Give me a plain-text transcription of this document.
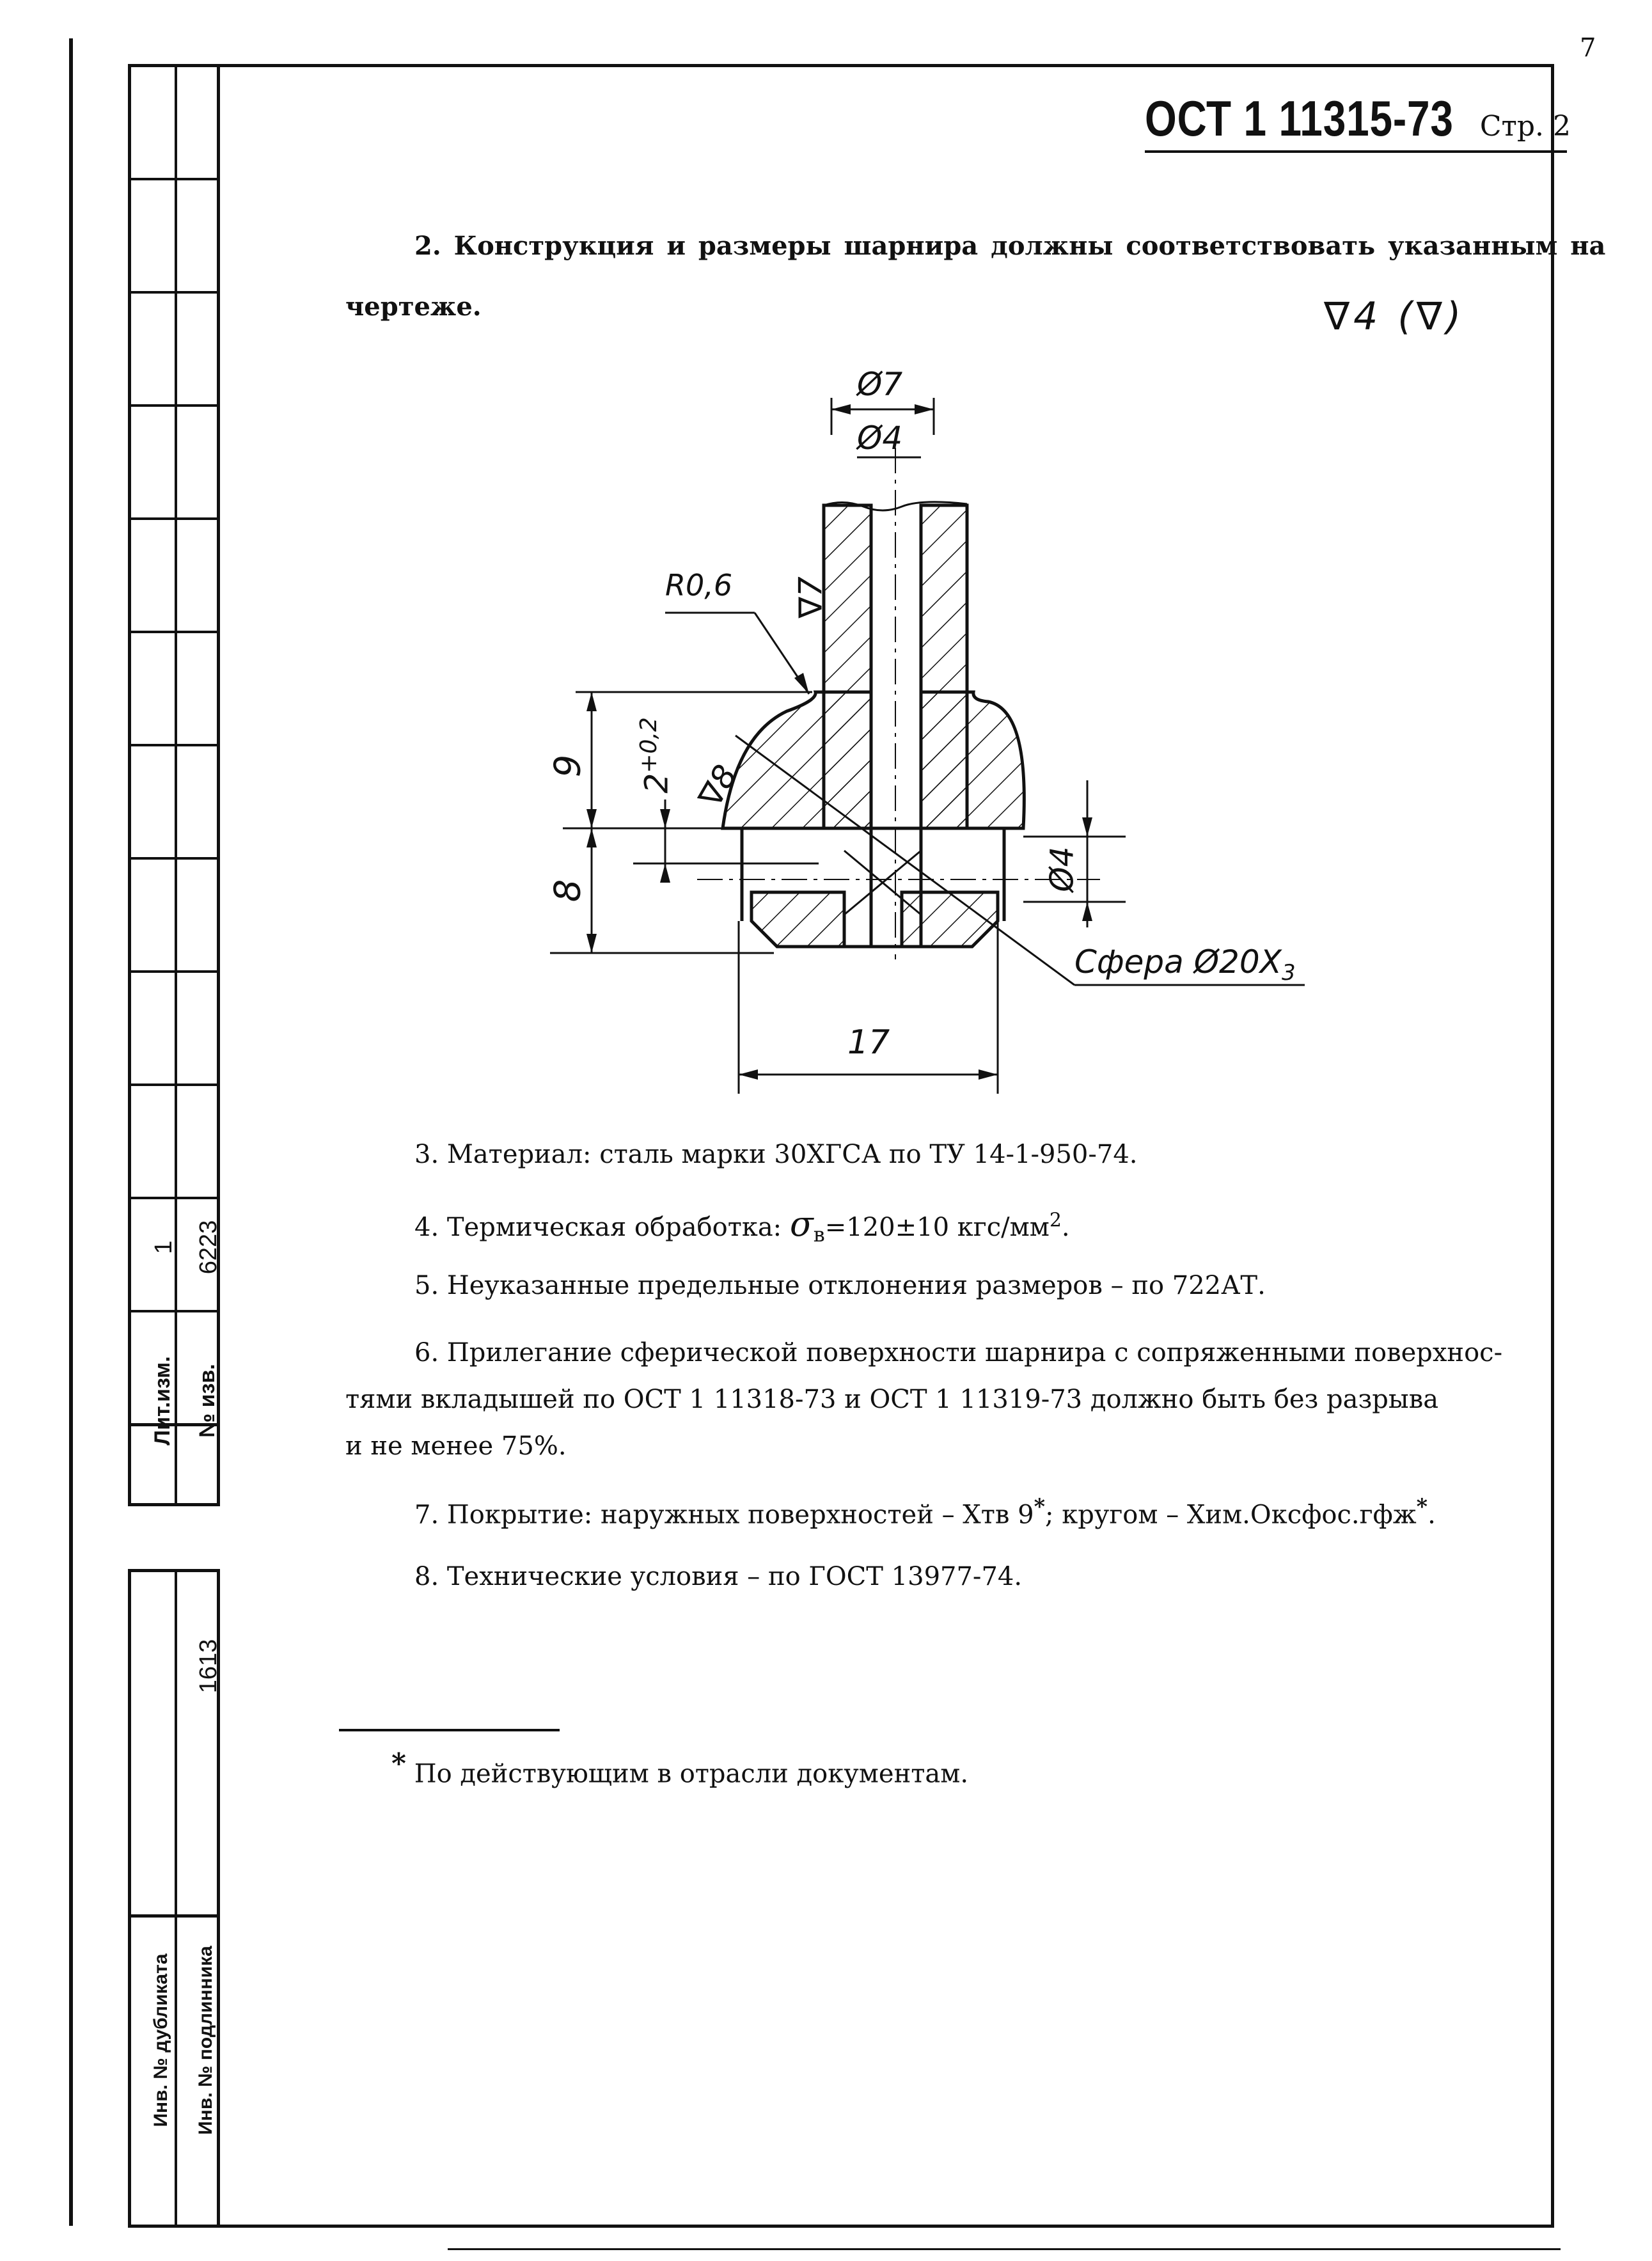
Лит.изм. № изв.
1 6223
1613
Инв. № дубликата	Инв. № подлинника
7
ОСТ 1 11315-73 Стр. 2
2. Конструкция и размеры шарнира должны соответствовать указанным на
чертеже.	∇4 (∇)
Ø7
Ø4
R0,6 ∇7
∇8
9
$2^{+0,2}$
8	Ø4
Сфера $Ø20Х_3$
17
3. Материал: сталь марки 30ХГСА по ТУ 14-1-950-74.
4. Термическая обработка: $\sigma_в=120\pm 10$ кгс/$мм^2$.
5. Неуказанные предельные отклонения размеров – по 722АТ.
6. Прилегание сферической поверхности шарнира с сопряженными поверхнос-
тями вкладышей по ОСТ 1 11318-73 и ОСТ 1 11319-73 должно быть без разрыва
и не менее 75%.
7. Покрытие: наружных поверхностей – Хтв 9*; кругом – Хим.Оксфос.гфж*.
8. Технические условия – по ГОСТ 13977-74.
* По действующим в отрасли документам.
